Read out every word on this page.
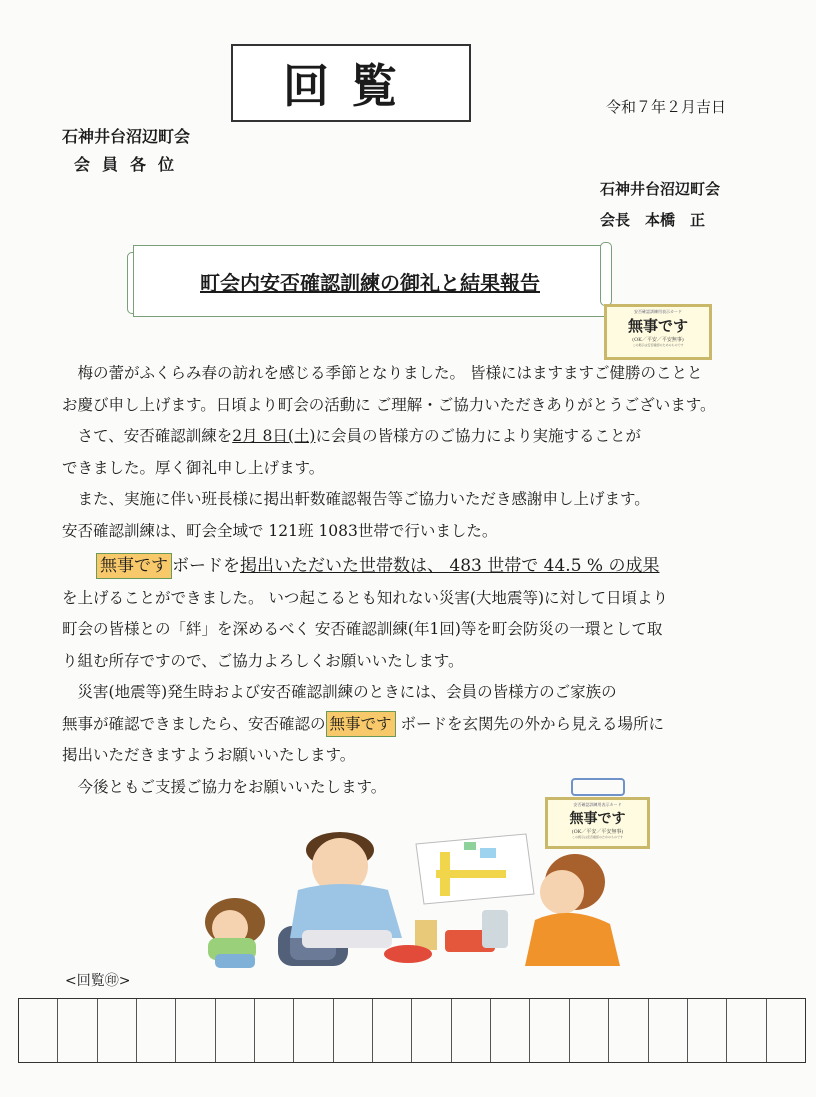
回覧	令和７年２月吉日
石神井台沼辺町会
会員各位
石神井台沼辺町会
会長　本橋　正
町会内安否確認訓練の御礼と結果報告
安否確認訓練用表示カード
無事です
(OK／平安／平安無事)
この掲示は安否確認のためのものです
　梅の蕾がふくらみ春の訪れを感じる季節となりました。 皆様にはますますご健勝のことと
お慶び申し上げます。日頃より町会の活動に ご理解・ご協力いただきありがとうございます。
　さて、安否確認訓練を2月 8日(土)に会員の皆様方のご協力により実施することが
できました。厚く御礼申し上げます。
　また、実施に伴い班長様に掲出軒数確認報告等ご協力いただき感謝申し上げます。
安否確認訓練は、町会全域で 121班 1083世帯で行いました。
　　無事です ボードを掲出いただいた世帯数は、 483 世帯で 44.5 % の成果
を上げることができました。 いつ起こるとも知れない災害(大地震等)に対して日頃より
町会の皆様との「絆」を深めるべく 安否確認訓練(年1回)等を町会防災の一環として取
り組む所存ですので、ご協力よろしくお願いいたします。
　災害(地震等)発生時および安否確認訓練のときには、会員の皆様方のご家族の
無事が確認できましたら、安否確認の 無事です ボードを玄関先の外から見える場所に
掲出いただきますようお願いいたします。
　今後ともご支援ご協力をお願いいたします。
安否確認訓練用表示カード
無事です
(OK／平安／平安無事)
この掲示は安否確認のためのものです
<回覧㊞>
